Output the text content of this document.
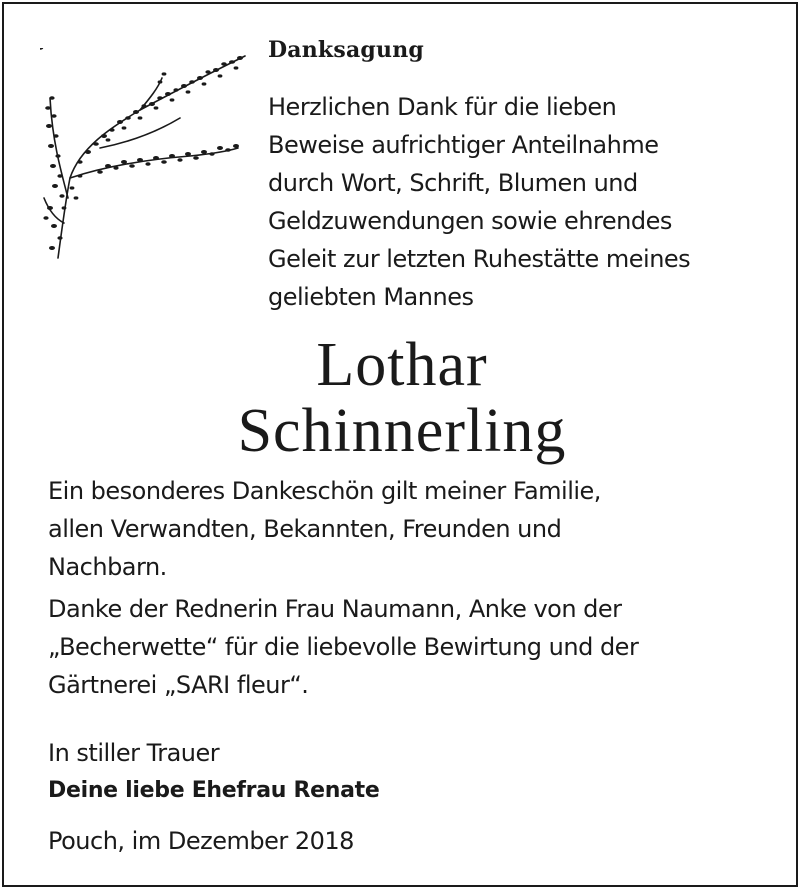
Danksagung
Herzlichen Dank für die lieben
Beweise aufrichtiger Anteilnahme
durch Wort, Schrift, Blumen und
Geldzuwendungen sowie ehrendes
Geleit zur letzten Ruhestätte meines
geliebten Mannes
Lothar
Schinnerling
Ein besonderes Dankeschön gilt meiner Familie,
allen Verwandten, Bekannten, Freunden und
Nachbarn.
Danke der Rednerin Frau Naumann, Anke von der
„Becherwette“ für die liebevolle Bewirtung und der
Gärtnerei „SARI fleur“.
In stiller Trauer
Deine liebe Ehefrau Renate
Pouch, im Dezember 2018
